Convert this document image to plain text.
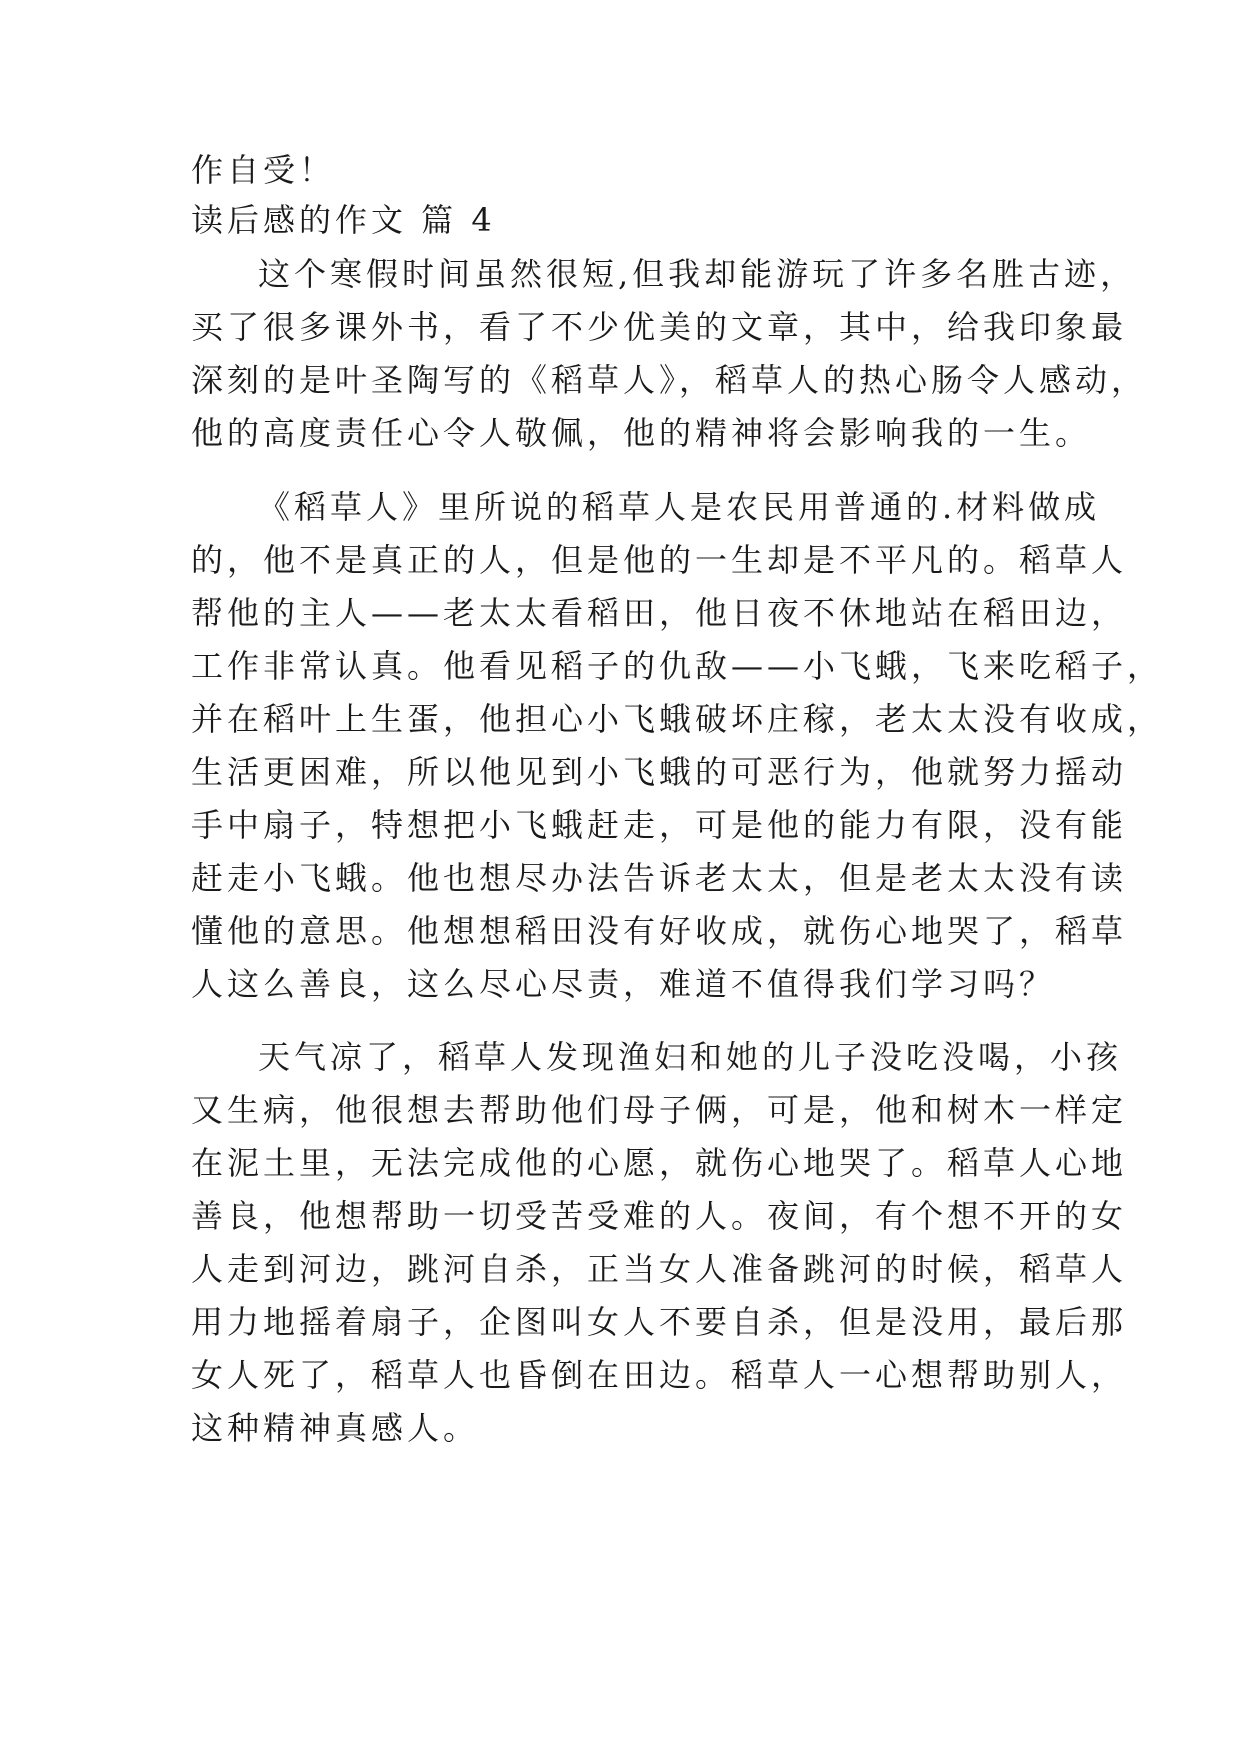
作自受！
读后感的作文 篇 4
这个寒假时间虽然很短,但我却能游玩了许多名胜古迹，
买了很多课外书，看了不少优美的文章，其中，给我印象最
深刻的是叶圣陶写的《稻草人》，稻草人的热心肠令人感动，
他的高度责任心令人敬佩，他的精神将会影响我的一生。
《稻草人》里所说的稻草人是农民用普通的.材料做成
的，他不是真正的人，但是他的一生却是不平凡的。稻草人
帮他的主人——老太太看稻田，他日夜不休地站在稻田边，
工作非常认真。他看见稻子的仇敌——小飞蛾，飞来吃稻子，
并在稻叶上生蛋，他担心小飞蛾破坏庄稼，老太太没有收成，
生活更困难，所以他见到小飞蛾的可恶行为，他就努力摇动
手中扇子，特想把小飞蛾赶走，可是他的能力有限，没有能
赶走小飞蛾。他也想尽办法告诉老太太，但是老太太没有读
懂他的意思。他想想稻田没有好收成，就伤心地哭了，稻草
人这么善良，这么尽心尽责，难道不值得我们学习吗？
天气凉了，稻草人发现渔妇和她的儿子没吃没喝，小孩
又生病，他很想去帮助他们母子俩，可是，他和树木一样定
在泥土里，无法完成他的心愿，就伤心地哭了。稻草人心地
善良，他想帮助一切受苦受难的人。夜间，有个想不开的女
人走到河边，跳河自杀，正当女人准备跳河的时候，稻草人
用力地摇着扇子，企图叫女人不要自杀，但是没用，最后那
女人死了，稻草人也昏倒在田边。稻草人一心想帮助别人，
这种精神真感人。
